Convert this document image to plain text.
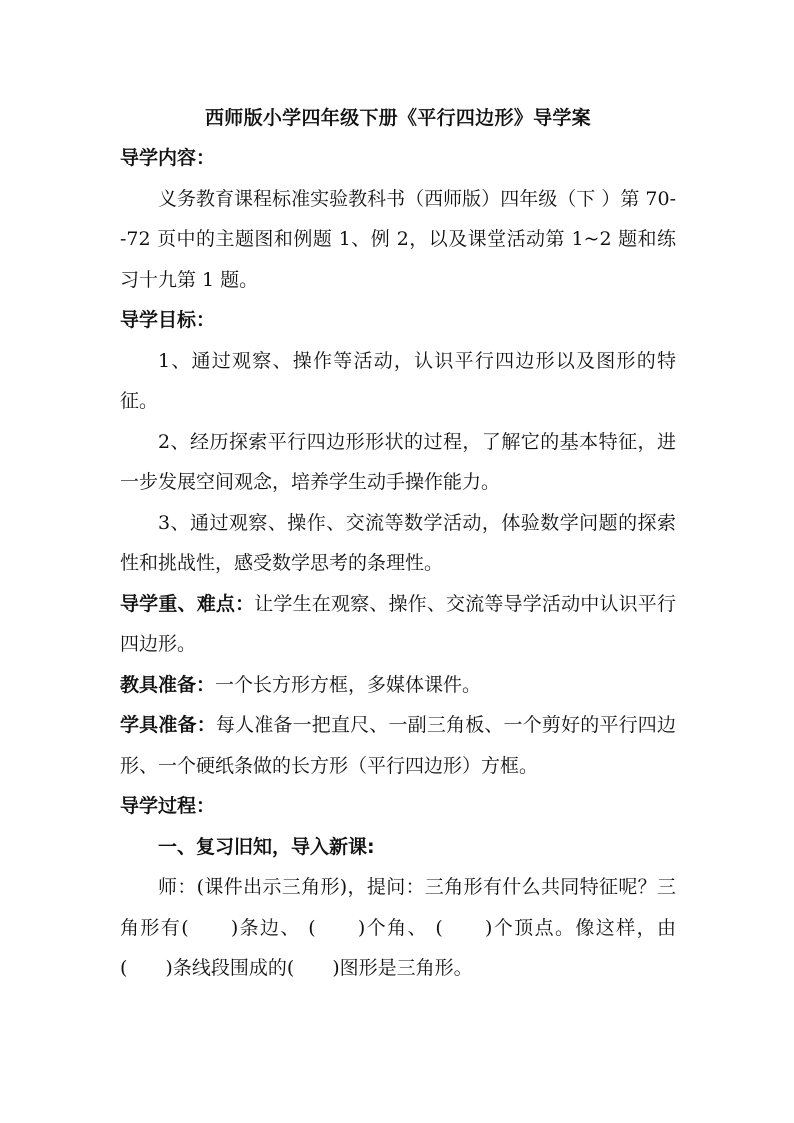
西师版小学四年级下册《平行四边形》导学案

导学内容：

义务教育课程标准实验教科书（西师版）四年级（下 ）第 70--72 页中的主题图和例题 1、例 2，以及课堂活动第 1~2 题和练习十九第 1 题。

导学目标：

1、通过观察、操作等活动，认识平行四边形以及图形的特征。

2、经历探索平行四边形形状的过程，了解它的基本特征，进一步发展空间观念，培养学生动手操作能力。

3、通过观察、操作、交流等数学活动，体验数学问题的探索性和挑战性，感受数学思考的条理性。

导学重、难点：让学生在观察、操作、交流等导学活动中认识平行四边形。

教具准备：一个长方形方框，多媒体课件。

学具准备：每人准备一把直尺、一副三角板、一个剪好的平行四边形、一个硬纸条做的长方形（平行四边形）方框。

导学过程：

一、复习旧知，导入新课:

师：(课件出示三角形)，提问：三角形有什么共同特征呢？三角形有(　　)条边、 (　　)个角、 (　　)个顶点。像这样，由(　　)条线段围成的(　　)图形是三角形。
